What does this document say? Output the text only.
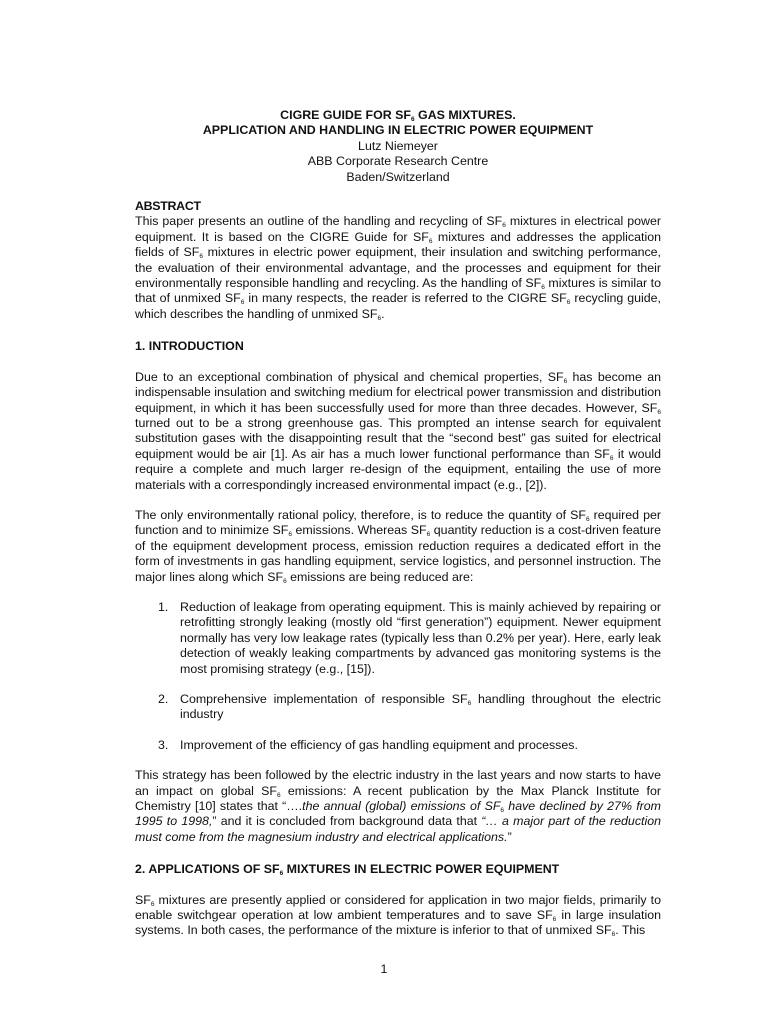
CIGRE GUIDE FOR $SF_6$ GAS MIXTURES.
APPLICATION AND HANDLING IN ELECTRIC POWER EQUIPMENT
Lutz Niemeyer
ABB Corporate Research Centre
Baden/Switzerland
ABSTRACT

This paper presents an outline of the handling and recycling of $SF_6$ mixtures in electrical power equipment. It is based on the CIGRE Guide for $SF_6$ mixtures and addresses the application fields of $SF_6$ mixtures in electric power equipment, their insulation and switching performance, the evaluation of their environmental advantage, and the processes and equipment for their environmentally responsible handling and recycling. As the handling of $SF_6$ mixtures is similar to that of unmixed $SF_6$ in many respects, the reader is referred to the CIGRE $SF_6$ recycling guide, which describes the handling of unmixed $SF_6$.

1. INTRODUCTION

Due to an exceptional combination of physical and chemical properties, $SF_6$ has become an indispensable insulation and switching medium for electrical power transmission and distribution equipment, in which it has been successfully used for more than three decades. However, $SF_6$ turned out to be a strong greenhouse gas. This prompted an intense search for equivalent substitution gases with the disappointing result that the “second best” gas suited for electrical equipment would be air [1]. As air has a much lower functional performance than $SF_6$ it would require a complete and much larger re-design of the equipment, entailing the use of more materials with a correspondingly increased environmental impact (e.g., [2]).

The only environmentally rational policy, therefore, is to reduce the quantity of $SF_6$ required per function and to minimize $SF_6$ emissions. Whereas $SF_6$ quantity reduction is a cost-driven feature of the equipment development process, emission reduction requires a dedicated effort in the form of investments in gas handling equipment, service logistics, and personnel instruction. The major lines along which $SF_6$ emissions are being reduced are:

1. Reduction of leakage from operating equipment. This is mainly achieved by repairing or retrofitting strongly leaking (mostly old “first generation”) equipment. Newer equipment normally has very low leakage rates (typically less than 0.2% per year). Here, early leak detection of weakly leaking compartments by advanced gas monitoring systems is the most promising strategy (e.g., [15]).
2. Comprehensive implementation of responsible $SF_6$ handling throughout the electric industry
3. Improvement of the efficiency of gas handling equipment and processes.

This strategy has been followed by the electric industry in the last years and now starts to have an impact on global $SF_6$ emissions: A recent publication by the Max Planck Institute for Chemistry [10] states that “….the annual (global) emissions of $SF_6$ have declined by 27% from 1995 to 1998,” and it is concluded from background data that “… a major part of the reduction must come from the magnesium industry and electrical applications.”

2. APPLICATIONS OF $SF_6$ MIXTURES IN ELECTRIC POWER EQUIPMENT

$SF_6$ mixtures are presently applied or considered for application in two major fields, primarily to enable switchgear operation at low ambient temperatures and to save $SF_6$ in large insulation systems. In both cases, the performance of the mixture is inferior to that of unmixed $SF_6$. This

1
